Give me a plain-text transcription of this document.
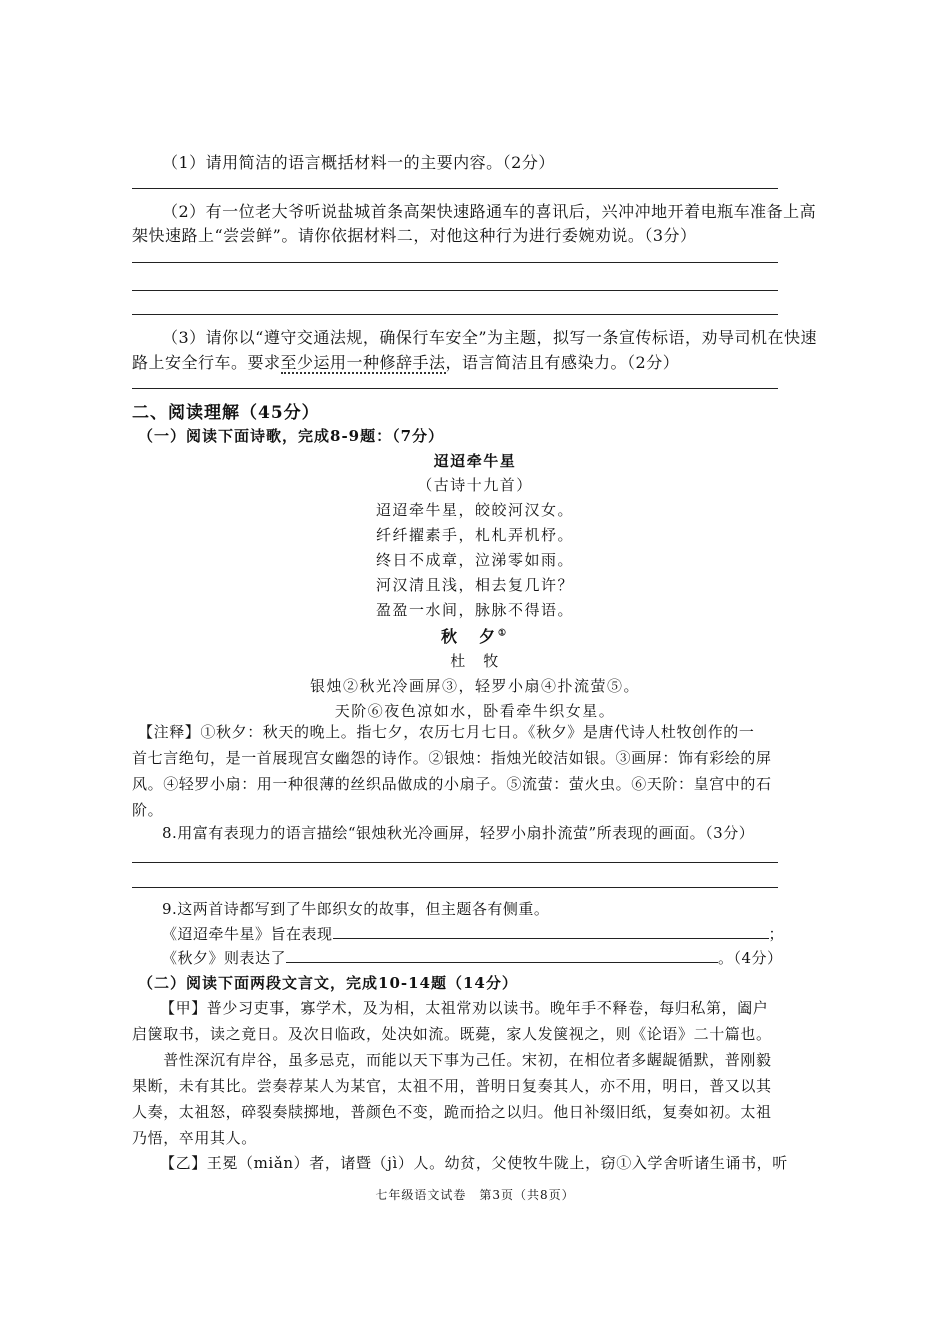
（1）请用简洁的语言概括材料一的主要内容。（2分）
（2）有一位老大爷听说盐城首条高架快速路通车的喜讯后，兴冲冲地开着电瓶车准备上高
架快速路上“尝尝鲜”。请你依据材料二，对他这种行为进行委婉劝说。（3分）
（3）请你以“遵守交通法规，确保行车安全”为主题，拟写一条宣传标语，劝导司机在快速
路上安全行车。要求至少运用一种修辞手法，语言简洁且有感染力。（2分）
二、阅读理解（45分）
（一）阅读下面诗歌，完成8-9题：（7分）
迢迢牵牛星
（古诗十九首）
迢迢牵牛星，皎皎河汉女。
纤纤擢素手，札札弄机杼。
终日不成章，泣涕零如雨。
河汉清且浅，相去复几许？
盈盈一水间，脉脉不得语。
秋　夕①
杜　牧
银烛②秋光冷画屏③，轻罗小扇④扑流萤⑤。
天阶⑥夜色凉如水，卧看牵牛织女星。
【注释】①秋夕：秋天的晚上。指七夕，农历七月七日。《秋夕》是唐代诗人杜牧创作的一
首七言绝句，是一首展现宫女幽怨的诗作。②银烛：指烛光皎洁如银。③画屏：饰有彩绘的屏
风。④轻罗小扇：用一种很薄的丝织品做成的小扇子。⑤流萤：萤火虫。⑥天阶：皇宫中的石
阶。
8.用富有表现力的语言描绘“银烛秋光冷画屏，轻罗小扇扑流萤”所表现的画面。（3分）
9.这两首诗都写到了牛郎织女的故事，但主题各有侧重。
《迢迢牵牛星》旨在表现	；
《秋夕》则表达了	。（4分）
（二）阅读下面两段文言文，完成10-14题（14分）
【甲】普少习吏事，寡学术，及为相，太祖常劝以读书。晚年手不释卷，每归私第，阖户
启箧取书，读之竟日。及次日临政，处决如流。既薨，家人发箧视之，则《论语》二十篇也。
　　普性深沉有岸谷，虽多忌克，而能以天下事为己任。宋初，在相位者多龌龊循默，普刚毅
果断，未有其比。尝奏荐某人为某官，太祖不用，普明日复奏其人，亦不用，明日，普又以其
人奏，太祖怒，碎裂奏牍掷地，普颜色不变，跪而拾之以归。他日补缀旧纸，复奏如初。太祖
乃悟，卒用其人。
【乙】王冕（miǎn）者，诸暨（jì）人。幼贫，父使牧牛陇上，窃①入学舍听诸生诵书，听
七年级语文试卷　第3页（共8页）
